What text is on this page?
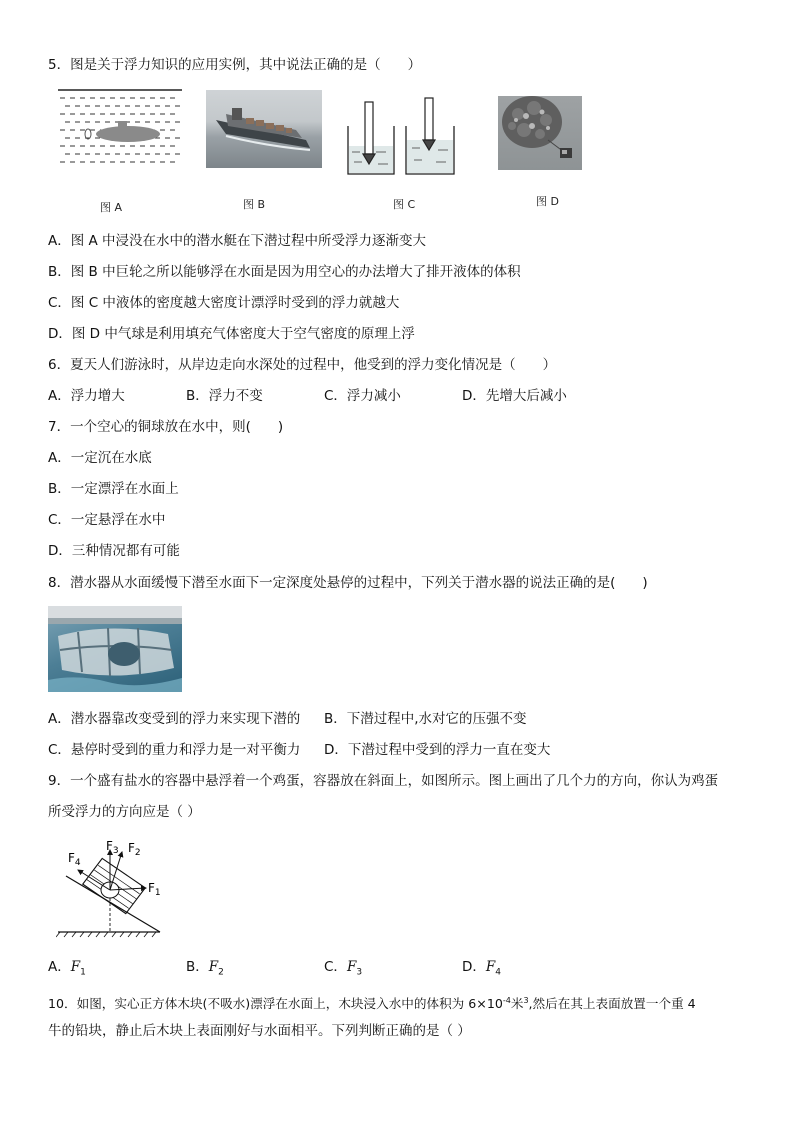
5．图是关于浮力知识的应用实例，其中说法正确的是（　　）
图 A	图 B	图 C	图 D
A．图 A 中浸没在水中的潜水艇在下潜过程中所受浮力逐渐变大
B．图 B 中巨轮之所以能够浮在水面是因为用空心的办法增大了排开液体的体积
C．图 C 中液体的密度越大密度计漂浮时受到的浮力就越大
D．图 D 中气球是利用填充气体密度大于空气密度的原理上浮
6．夏天人们游泳时，从岸边走向水深处的过程中，他受到的浮力变化情况是（　　）
A．浮力增大	B．浮力不变	C．浮力减小	D．先增大后减小
7．一个空心的铜球放在水中，则(　　)
A．一定沉在水底
B．一定漂浮在水面上
C．一定悬浮在水中
D．三种情况都有可能
8．潜水器从水面缓慢下潜至水面下一定深度处悬停的过程中，下列关于潜水器的说法正确的是(　　)
A．潜水器靠改变受到的浮力来实现下潜的 B．下潜过程中,水对它的压强不变
C．悬停时受到的重力和浮力是一对平衡力 D．下潜过程中受到的浮力一直在变大
9．一个盛有盐水的容器中悬浮着一个鸡蛋，容器放在斜面上，如图所示。图上画出了几个力的方向，你认为鸡蛋
所受浮力的方向应是（ ）
$F_4$
$F_3$ $F_2$
$F_1$
A．$F_1$	B．$F_2$	C．$F_3$	D．$F_4$
10．如图，实心正方体木块(不吸水)漂浮在水面上，木块浸入水中的体积为 $6\times 10^{-4}$米$^3$,然后在其上表面放置一个重 4
牛的铅块，静止后木块上表面刚好与水面相平。下列判断正确的是（ ）
